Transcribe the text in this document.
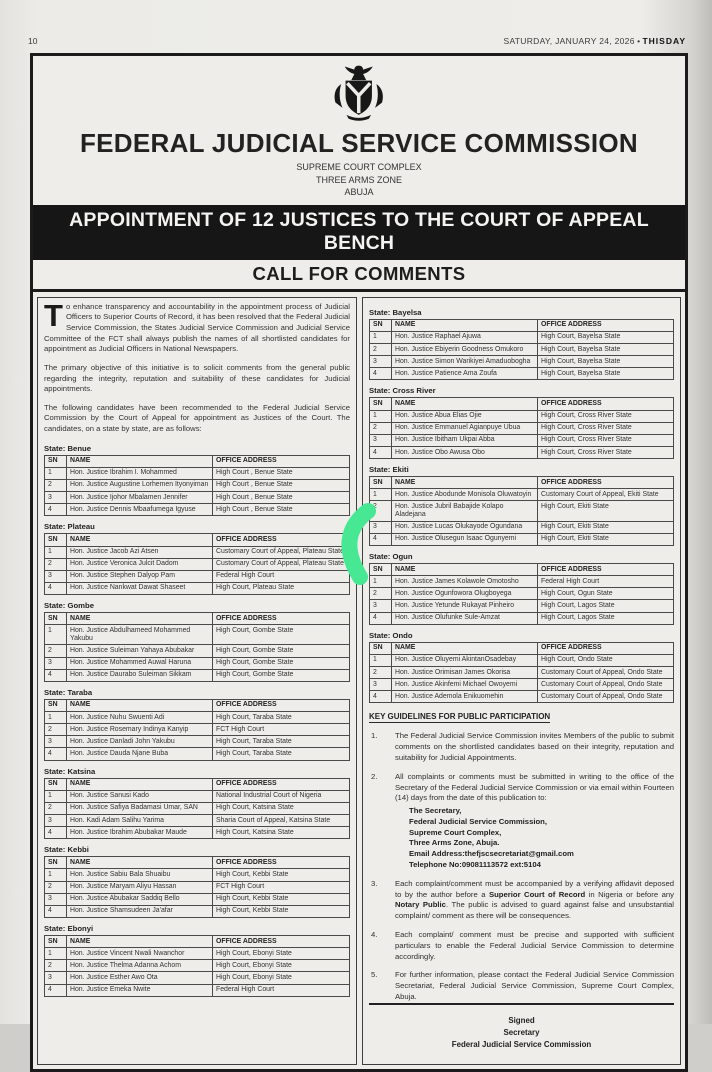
10	SATURDAY, JANUARY 24, 2026 • THISDAY
FEDERAL JUDICIAL SERVICE COMMISSION
SUPREME COURT COMPLEX
THREE ARMS ZONE
ABUJA
APPOINTMENT OF 12 JUSTICES TO THE COURT OF APPEAL BENCH
CALL FOR COMMENTS

To enhance transparency and accountability in the appointment process of Judicial Officers to Superior Courts of Record, it has been resolved that the Federal Judicial Service Commission, the States Judicial Service Commission and Judicial Service Committee of the FCT shall always publish the names of all shortlisted candidates for appointment as Judicial Officers in National Newspapers.

The primary objective of this initiative is to solicit comments from the general public regarding the integrity, reputation and suitability of these candidates for Judicial appointments.

The following candidates have been recommended to the Federal Judicial Service Commission by the Court of Appeal for appointment as Justices of the Court. The candidates, on a state by state, are as follows:

State: Benue
SN	NAME	OFFICE ADDRESS
1	Hon. Justice Ibrahim I. Mohammed	High Court , Benue State
2	Hon. Justice Augustine Lorhemen Ityonyiman	High Court , Benue State
3	Hon. Justice Ijohor Mbalamen Jennifer	High Court , Benue State
4	Hon. Justice Dennis Mbaafumega Igyuse	High Court , Benue State
State: Plateau
SN	NAME	OFFICE ADDRESS
1	Hon. Justice Jacob Azi Atsen	Customary Court of Appeal, Plateau State
2	Hon. Justice Veronica Julcit Dadom	Customary Court of Appeal, Plateau State
3	Hon. Justice Stephen Dalyop Pam	Federal High Court
4	Hon. Justice Nankwat Dawat Shaseet	High Court, Plateau State
State: Gombe
SN	NAME	OFFICE ADDRESS
1	Hon. Justice Abdulhameed Mohammed Yakubu	High Court, Gombe State
2	Hon. Justice Suleiman Yahaya Abubakar	High Court, Gombe State
3	Hon. Justice Mohammed Auwal Haruna	High Court, Gombe State
4	Hon. Justice Daurabo Suleiman Sikkam	High Court, Gombe State
State: Taraba
SN	NAME	OFFICE ADDRESS
1	Hon. Justice Nuhu Swuenti Adi	High Court, Taraba State
2	Hon. Justice Rosemary Indinya Kanyip	FCT High Court
3	Hon. Justice Danladi John Yakubu	High Court, Taraba State
4	Hon. Justice Dauda Njane Buba	High Court, Taraba State
State: Katsina
SN	NAME	OFFICE ADDRESS
1	Hon. Justice Sanusi Kado	National Industrial Court of Nigeria
2	Hon. Justice Safiya Badamasi Umar, SAN	High Court, Katsina State
3	Hon. Kadi Adam Salihu Yarima	Sharia Court of Appeal, Katsina State
4	Hon. Justice Ibrahim Abubakar Maude	High Court, Katsina State
State: Kebbi
SN	NAME	OFFICE ADDRESS
1	Hon. Justice Sabiu Bala Shuaibu	High Court, Kebbi State
2	Hon. Justice Maryam Aliyu Hassan	FCT High Court
3	Hon. Justice Abubakar Saddiq Bello	High Court, Kebbi State
4	Hon. Justice Shamsudeen Ja'afar	High Court, Kebbi State
State: Ebonyi
SN	NAME	OFFICE ADDRESS
1	Hon. Justice Vincent Nwali Nwanchor	High Court, Ebonyi State
2	Hon. Justice Thelma Adanna Achom	High Court, Ebonyi State
3	Hon. Justice Esther Awo Ota	High Court, Ebonyi State
4	Hon. Justice Emeka Nwite	Federal High Court
State: Bayelsa
SN	NAME	OFFICE ADDRESS
1	Hon. Justice Raphael Ajuwa	High Court, Bayelsa State
2	Hon. Justice Ebiyerin Goodness Omukoro	High Court, Bayelsa State
3	Hon. Justice Simon Warikiyei Amaduobogha	High Court, Bayelsa State
4	Hon. Justice Patience Ama Zoufa	High Court, Bayelsa State
State: Cross River
SN	NAME	OFFICE ADDRESS
1	Hon. Justice Abua Elias Ojie	High Court, Cross River State
2	Hon. Justice Emmanuel Agianpuye Ubua	High Court, Cross River State
3	Hon. Justice Ibitham Ukpai Abba	High Court, Cross River State
4	Hon. Justice Obo Awusa Obo	High Court, Cross River State
State: Ekiti
SN	NAME	OFFICE ADDRESS
1	Hon. Justice Abodunde Monisola Oluwatoyin	Customary Court of Appeal, Ekiti State
2	Hon. Justice Jubril Babajide Kolapo Aladejana	High Court, Ekiti State
3	Hon. Justice Lucas Olukayode Ogundana	High Court, Ekiti State
4	Hon. Justice Olusegun Isaac Ogunyemi	High Court, Ekiti State
State: Ogun
SN	NAME	OFFICE ADDRESS
1	Hon. Justice James Kolawole Omotosho	Federal High Court
2	Hon. Justice Ogunfowora Olugboyega	High Court, Ogun State
3	Hon. Justice Yetunde Rukayat Pinheiro	High Court, Lagos State
4	Hon. Justice Olufunke Sule-Amzat	High Court, Lagos State
State: Ondo
SN	NAME	OFFICE ADDRESS
1	Hon. Justice Oluyemi AkintanOsadebay	High Court, Ondo State
2	Hon. Justice Orimisan James Okorisa	Customary Court of Appeal, Ondo State
3	Hon. Justice Akinfemi Michael Owoyemi	Customary Court of Appeal, Ondo State
4	Hon. Justice Ademola Enikuomehin	Customary Court of Appeal, Ondo State
KEY GUIDELINES FOR PUBLIC PARTICIPATION
1.	The Federal Judicial Service Commission invites Members of the public to submit comments on the shortlisted candidates based on their integrity, reputation and suitability for Judicial Appointments.
2.	All complaints or comments must be submitted in writing to the office of the Secretary of the Federal Judicial Service Commission or via email within Fourteen (14) days from the date of this publication to:
The Secretary,
Federal Judicial Service Commission,
Supreme Court Complex,
Three Arms Zone, Abuja.
Email Address:thefjscsecretariat@gmail.com
Telephone No:09081113572 ext:5104
3.	Each complaint/comment must be accompanied by a verifying affidavit deposed to by the author before a Superior Court of Record in Nigeria or before any Notary Public. The public is advised to guard against false and unsubstantial complaint/ comment as there will be consequences.
4.	Each complaint/ comment must be precise and supported with sufficient particulars to enable the Federal Judicial Service Commission to determine accordingly.
5.	For further information, please contact the Federal Judicial Service Commission Secretariat, Federal Judicial Service Commission, Supreme Court Complex, Abuja.
Signed
Secretary
Federal Judicial Service Commission
